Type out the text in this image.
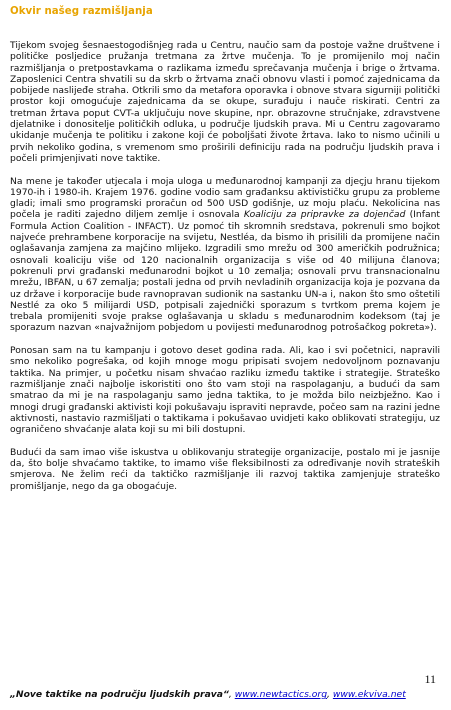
Okvir našeg razmišljanja

Tijekom svojeg šesnaestogodišnjeg rada u Centru, naučio sam da postoje važne društvene i političke posljedice pružanja tretmana za žrtve mučenja. To je promijenilo moj način razmišljanja o pretpostavkama o razlikama između sprečavanja mučenja i brige o žrtvama. Zaposlenici Centra shvatili su da skrb o žrtvama znači obnovu vlasti i pomoć zajednicama da pobijede naslijeđe straha. Otkrili smo da metafora oporavka i obnove stvara sigurniji politički prostor koji omogućuje zajednicama da se okupe, surađuju i nauče riskirati. Centri za tretman žrtava poput CVT-a uključuju nove skupine, npr. obrazovne stručnjake, zdravstvene djelatnike i donositelje političkih odluka, u područje ljudskih prava. Mi u Centru zagovaramo ukidanje mučenja te politiku i zakone koji će poboljšati živote žrtava. Iako to nismo učinili u prvih nekoliko godina, s vremenom smo proširili definiciju rada na području ljudskih prava i počeli primjenjivati nove taktike.

Na mene je također utjecala i moja uloga u međunarodnoj kampanji za djeçju hranu tijekom 1970-ih i 1980-ih. Krajem 1976. godine vodio sam građanksu aktivističku grupu za probleme gladi; imali smo programski proračun od 500 USD godišnje, uz moju plaću. Nekolicina nas počela je raditi zajedno diljem zemlje i osnovala Koaliciju za pripravke za dojenčad (Infant Formula Action Coalition - INFACT). Uz pomoć tih skromnih sredstava, pokrenuli smo bojkot najveće prehrambene korporacije na svijetu, Nestléa, da bismo ih prisilili da promijene način oglašavanja zamjena za majčino mlijeko. Izgradili smo mrežu od 300 američkih podružnica; osnovali koaliciju više od 120 nacionalnih organizacija s više od 40 milijuna članova; pokrenuli prvi građanski međunarodni bojkot u 10 zemalja; osnovali prvu transnacionalnu mrežu, IBFAN, u 67 zemalja; postali jedna od prvih nevladinih organizacija koja je pozvana da uz države i korporacije bude ravnopravan sudionik na sastanku UN-a i, nakon što smo oštetili Nestlé za oko 5 milijardi USD, potpisali zajednički sporazum s tvrtkom prema kojem je trebala promijeniti svoje prakse oglašavanja u skladu s međunarodnim kodeksom (taj je sporazum nazvan «najvažnijom pobjedom u povijesti međunarodnog potrošačkog pokreta»).

Ponosan sam na tu kampanju i gotovo deset godina rada. Ali, kao i svi početnici, napravili smo nekoliko pogrešaka, od kojih mnoge mogu pripisati svojem nedovoljnom poznavanju taktika. Na primjer, u početku nisam shvaćao razliku između taktike i strategije. Strateško razmišljanje znači najbolje iskoristiti ono što vam stoji na raspolaganju, a budući da sam smatrao da mi je na raspolaganju samo jedna taktika, to je možda bilo neizbježno. Kao i mnogi drugi građanski aktivisti koji pokušavaju ispraviti nepravde, počeo sam na razini jedne aktivnosti, nastavio razmišljati o taktikama i pokušavao uvidjeti kako oblikovati strategiju, uz ograničeno shvaćanje alata koji su mi bili dostupni.

Budući da sam imao više iskustva u oblikovanju strategije organizacije, postalo mi je jasnije da, što bolje shvaćamo taktike, to imamo više fleksibilnosti za određivanje novih strateških smjerova. Ne želim reći da taktičko razmišljanje ili razvoj taktika zamjenjuje strateško promišljanje, nego da ga obogaćuje.

11
„Nove taktike na području ljudskih prava“, www.newtactics.org, www.ekviva.net
